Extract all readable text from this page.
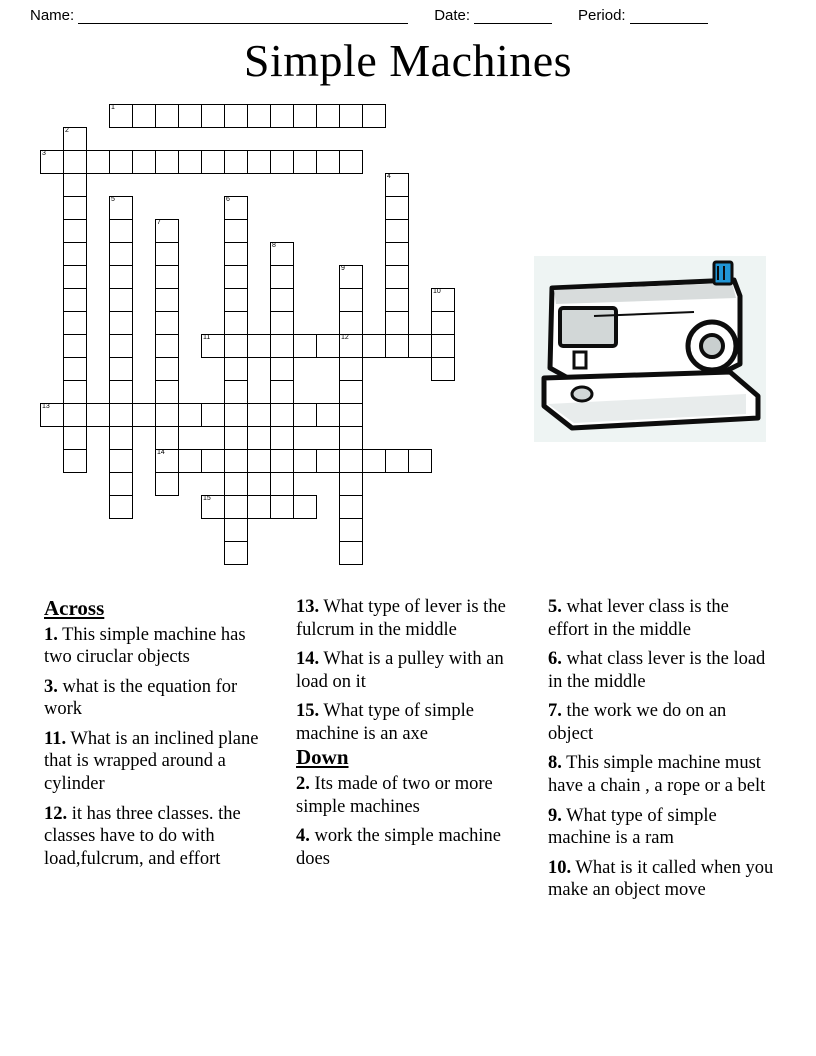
Name:	Date:	Period:
Simple Machines
1
2
3
4
5	6
7
8
9
10
11	12
13
14
15
Across

1. This simple machine has two ciruclar objects

3. what is the equation for work

11. What is an inclined plane that is wrapped around a cylinder

12. it has three classes. the classes have to do with load,fulcrum, and effort

13. What type of lever is the fulcrum in the middle

14. What is a pulley with an load on it

15. What type of simple machine is an axe

Down

2. Its made of two or more simple machines

4. work the simple machine does

5. what lever class is the effort in the middle

6. what class lever is the load in the middle

7. the work we do on an object

8. This simple machine must have a chain , a rope or a belt

9. What type of simple machine is a ram

10. What is it called when you make an object move
